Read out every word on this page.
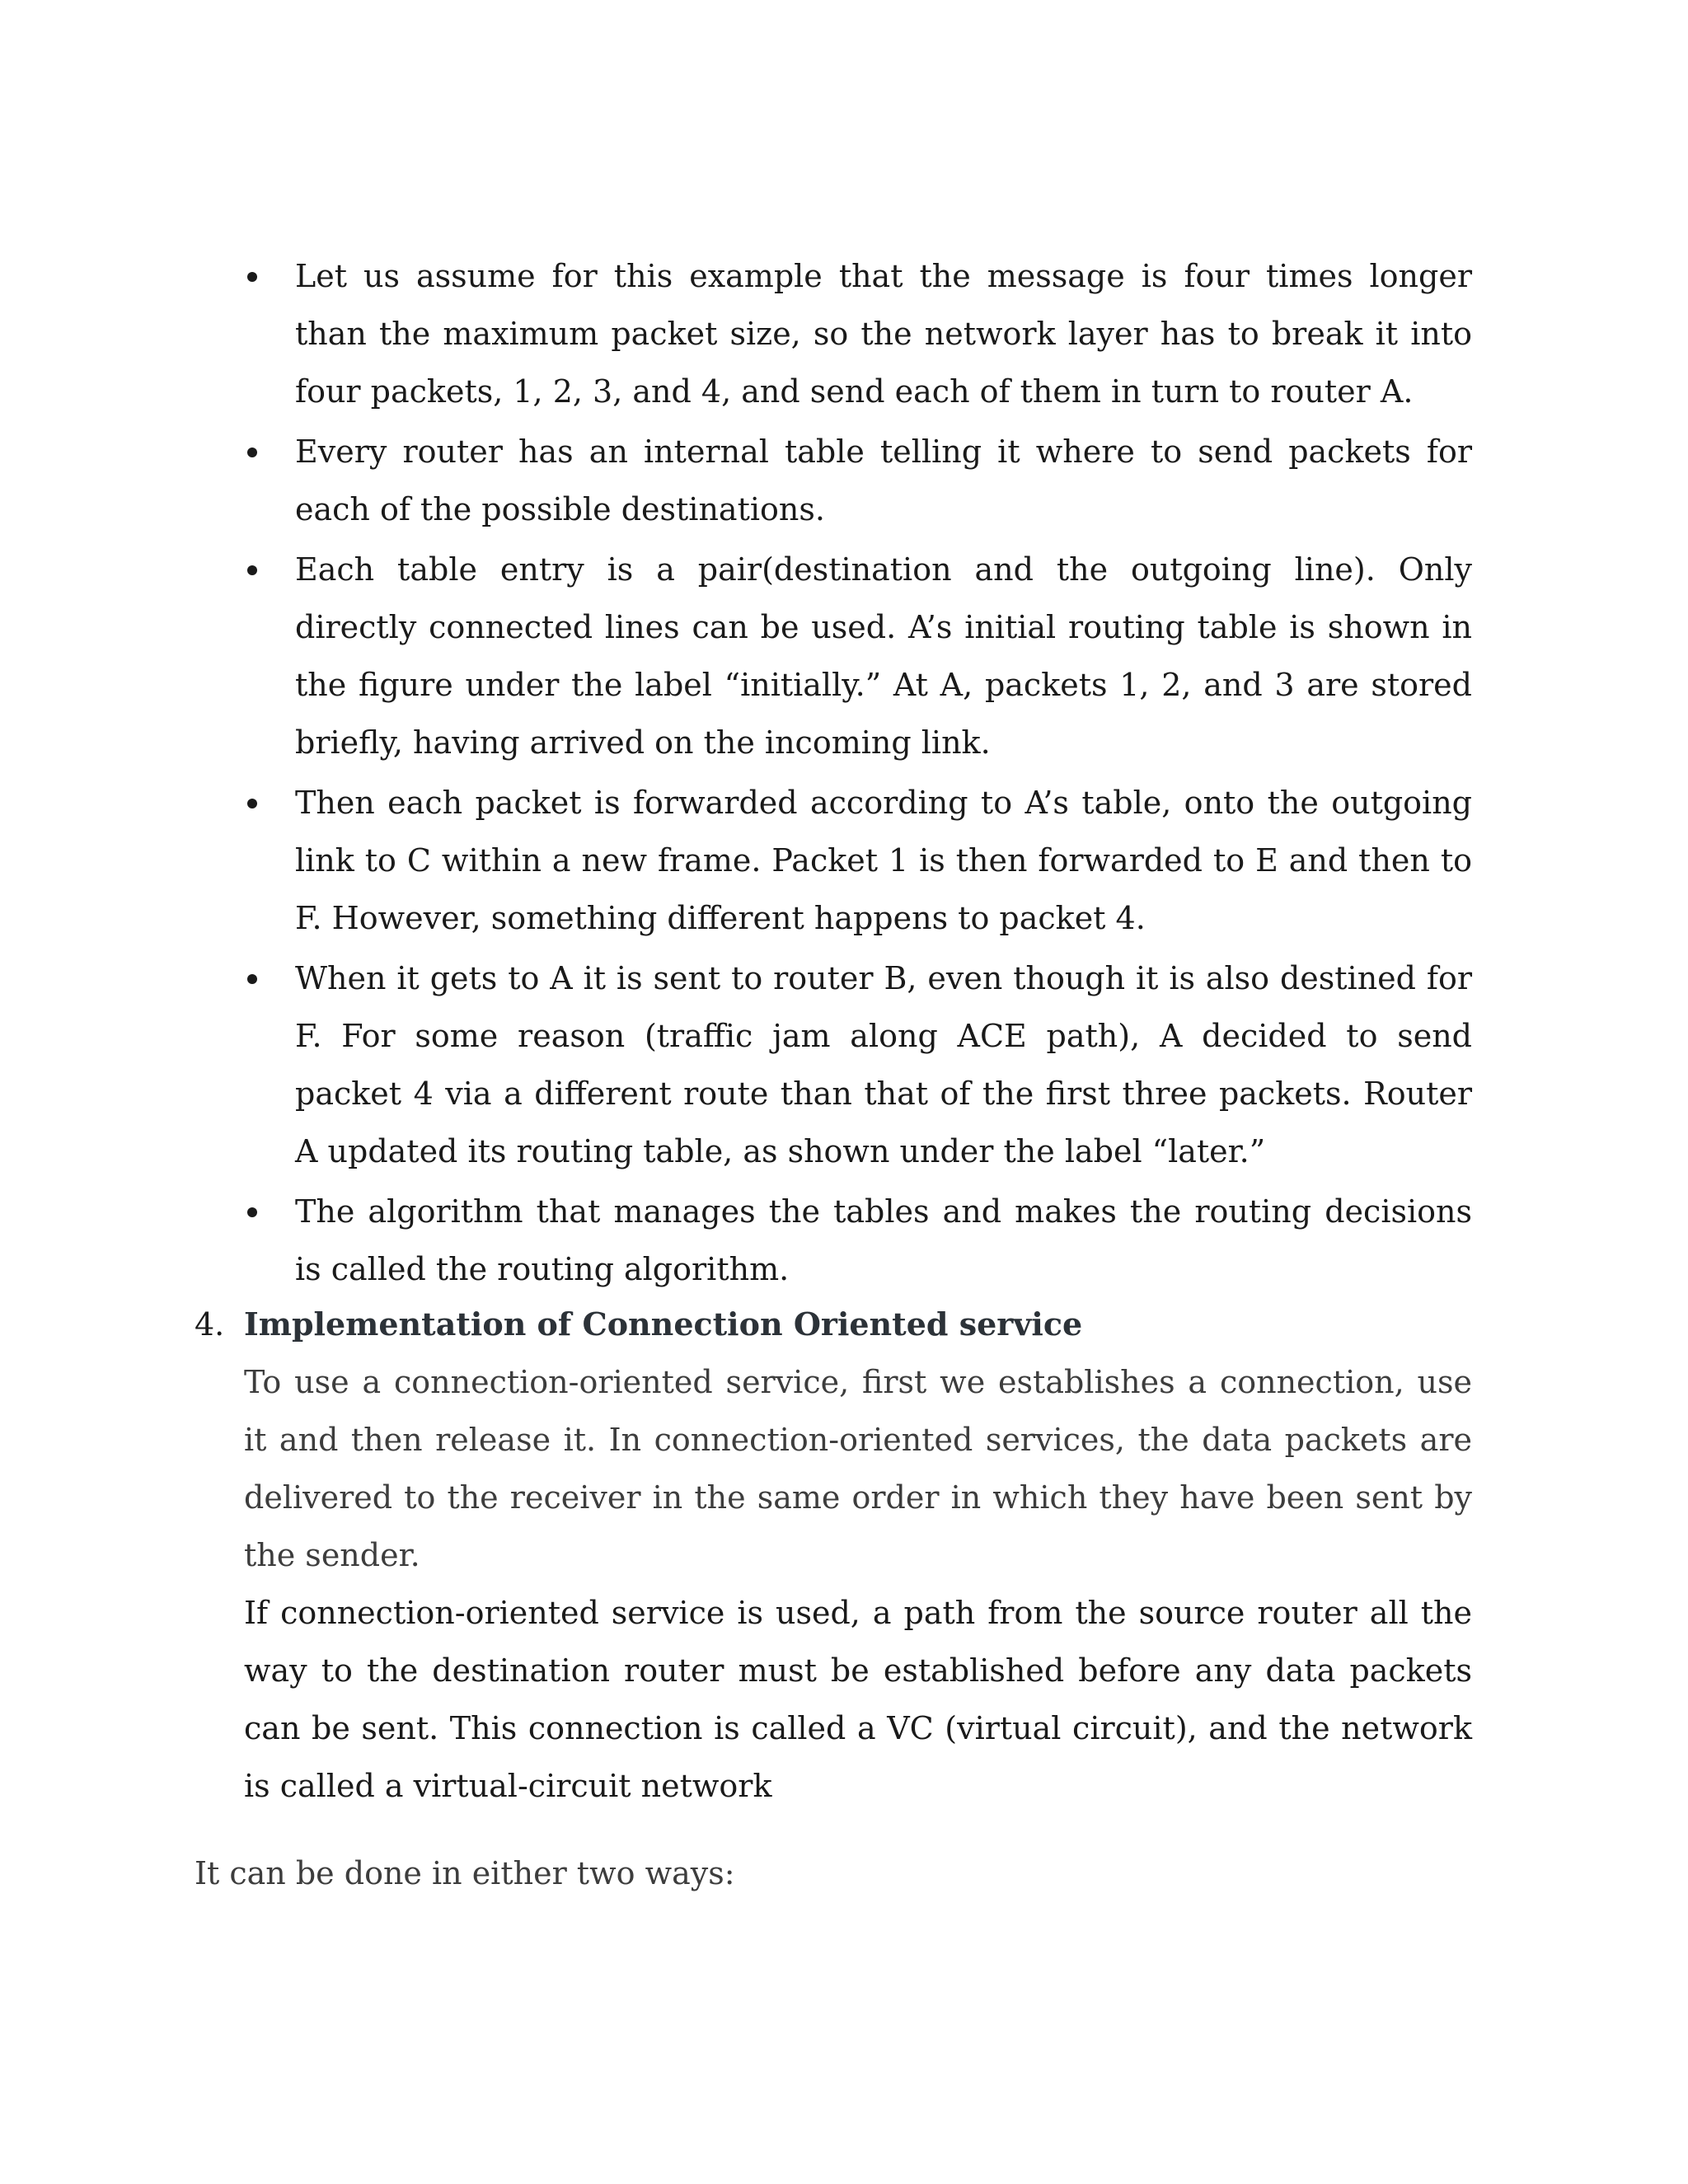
Let us assume for this example that the message is four times longer than the maximum packet size, so the network layer has to break it into four packets, 1, 2, 3, and 4, and send each of them in turn to router A.
Every router has an internal table telling it where to send packets for each of the possible destinations.
Each table entry is a pair(destination and the outgoing line). Only directly connected lines can be used. A’s initial routing table is shown in the figure under the label “initially.” At A, packets 1, 2, and 3 are stored briefly, having arrived on the incoming link.
Then each packet is forwarded according to A’s table, onto the outgoing link to C within a new frame. Packet 1 is then forwarded to E and then to F. However, something different happens to packet 4.
When it gets to A it is sent to router B, even though it is also destined for F. For some reason (traffic jam along ACE path), A decided to send packet 4 via a different route than that of the first three packets. Router A updated its routing table, as shown under the label “later.”
The algorithm that manages the tables and makes the routing decisions is called the routing algorithm.
4. Implementation of Connection Oriented service
To use a connection-oriented service, first we establishes a connection, use it and then release it. In connection-oriented services, the data packets are delivered to the receiver in the same order in which they have been sent by the sender.
If connection-oriented service is used, a path from the source router all the way to the destination router must be established before any data packets can be sent. This connection is called a VC (virtual circuit), and the network is called a virtual-circuit network
It can be done in either two ways:
